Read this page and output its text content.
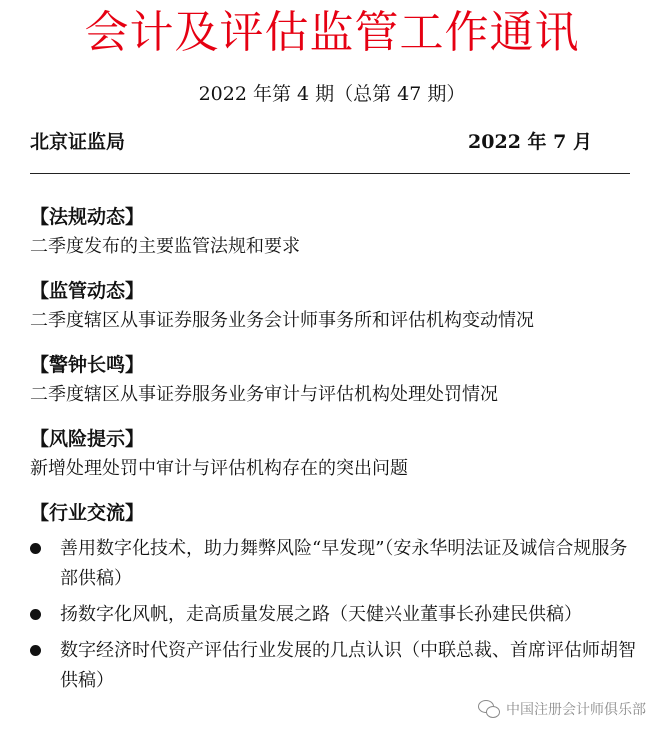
会计及评估监管工作通讯
2022 年第 4 期（总第 47 期）
北京证监局	2022 年 7 月
【法规动态】
二季度发布的主要监管法规和要求
【监管动态】
二季度辖区从事证券服务业务会计师事务所和评估机构变动情况
【警钟长鸣】
二季度辖区从事证券服务业务审计与评估机构处理处罚情况
【风险提示】
新增处理处罚中审计与评估机构存在的突出问题
【行业交流】
善用数字化技术，助力舞弊风险“早发现”（安永华明法证及诚信合规服务部供稿）
扬数字化风帆，走高质量发展之路（天健兴业董事长孙建民供稿）
数字经济时代资产评估行业发展的几点认识（中联总裁、首席评估师胡智供稿）
中国注册会计师俱乐部
